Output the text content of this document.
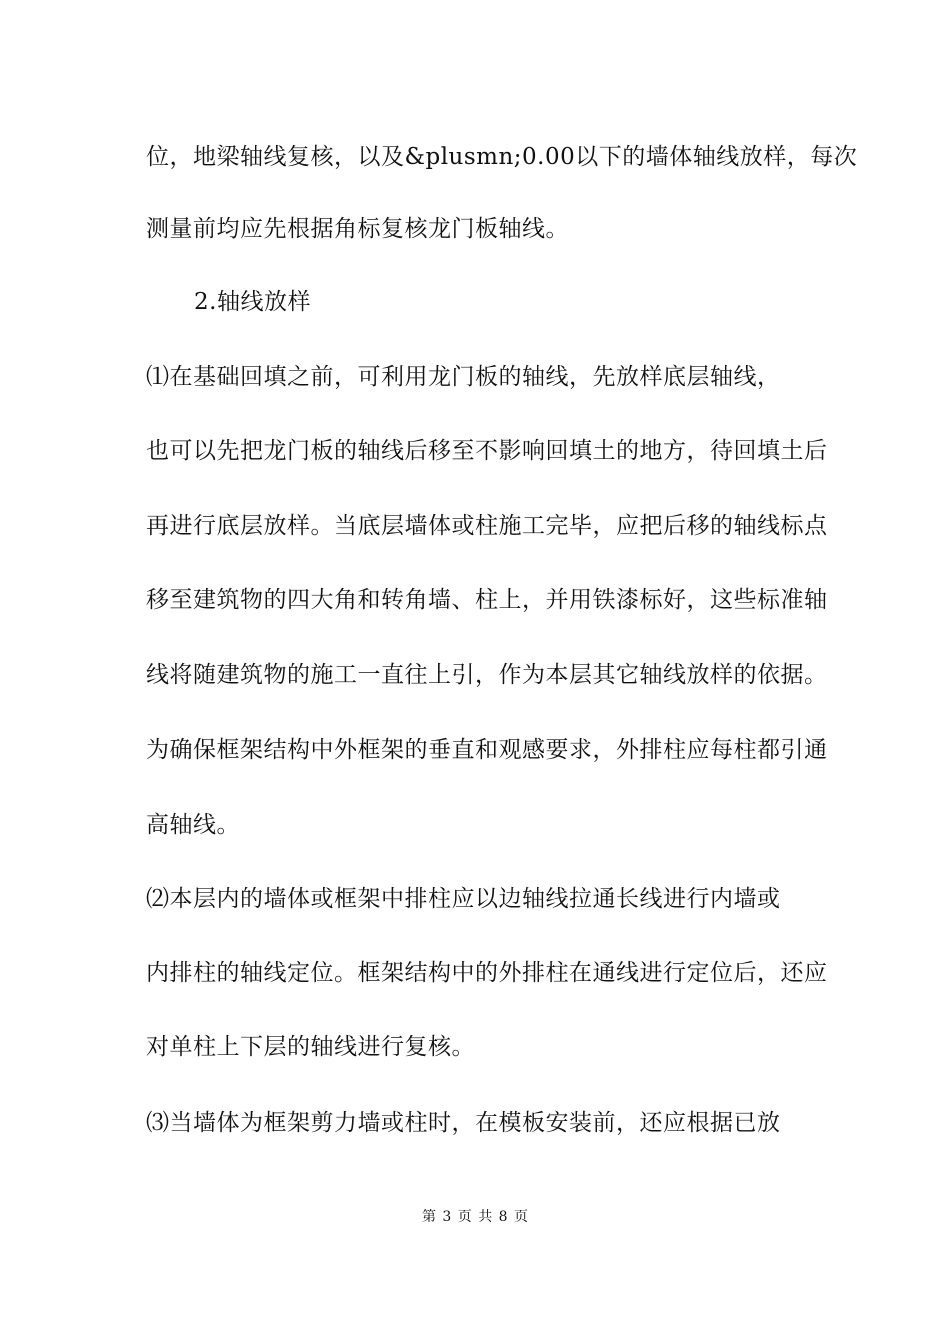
位，地梁轴线复核，以及&plusmn;0.00以下的墙体轴线放样，每次
测量前均应先根据角标复核龙门板轴线。
2.轴线放样
⑴在基础回填之前，可利用龙门板的轴线，先放样底层轴线，
也可以先把龙门板的轴线后移至不影响回填土的地方，待回填土后
再进行底层放样。当底层墙体或柱施工完毕，应把后移的轴线标点
移至建筑物的四大角和转角墙、柱上，并用铁漆标好，这些标准轴
线将随建筑物的施工一直往上引，作为本层其它轴线放样的依据。
为确保框架结构中外框架的垂直和观感要求，外排柱应每柱都引通
高轴线。
⑵本层内的墙体或框架中排柱应以边轴线拉通长线进行内墙或
内排柱的轴线定位。框架结构中的外排柱在通线进行定位后，还应
对单柱上下层的轴线进行复核。
⑶当墙体为框架剪力墙或柱时，在模板安装前，还应根据已放
第 3 页 共 8 页
